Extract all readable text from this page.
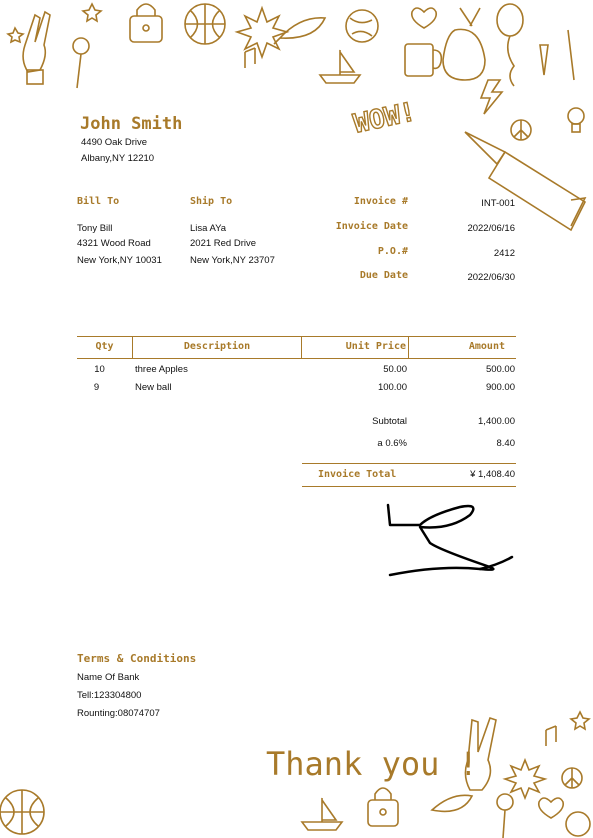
WOW!
John Smith
4490 Oak Drive
Albany,NY 12210
Bill To
Tony Bill
4321 Wood Road
New York,NY 10031
Ship To
Lisa AYa
2021 Red Drive
New York,NY 23707
Invoice #	INT-001
Invoice Date	2022/06/16
P.O.#	2412
Due Date	2022/06/30
Qty	Description	Unit Price	Amount
10	three Apples	50.00	500.00
9	New ball	100.00	900.00
Subtotal	1,400.00
a 0.6%	8.40
Invoice Total	¥ 1,408.40
Terms & Conditions
Name Of Bank
Tell:123304800
Rounting:08074707
Thank you !
